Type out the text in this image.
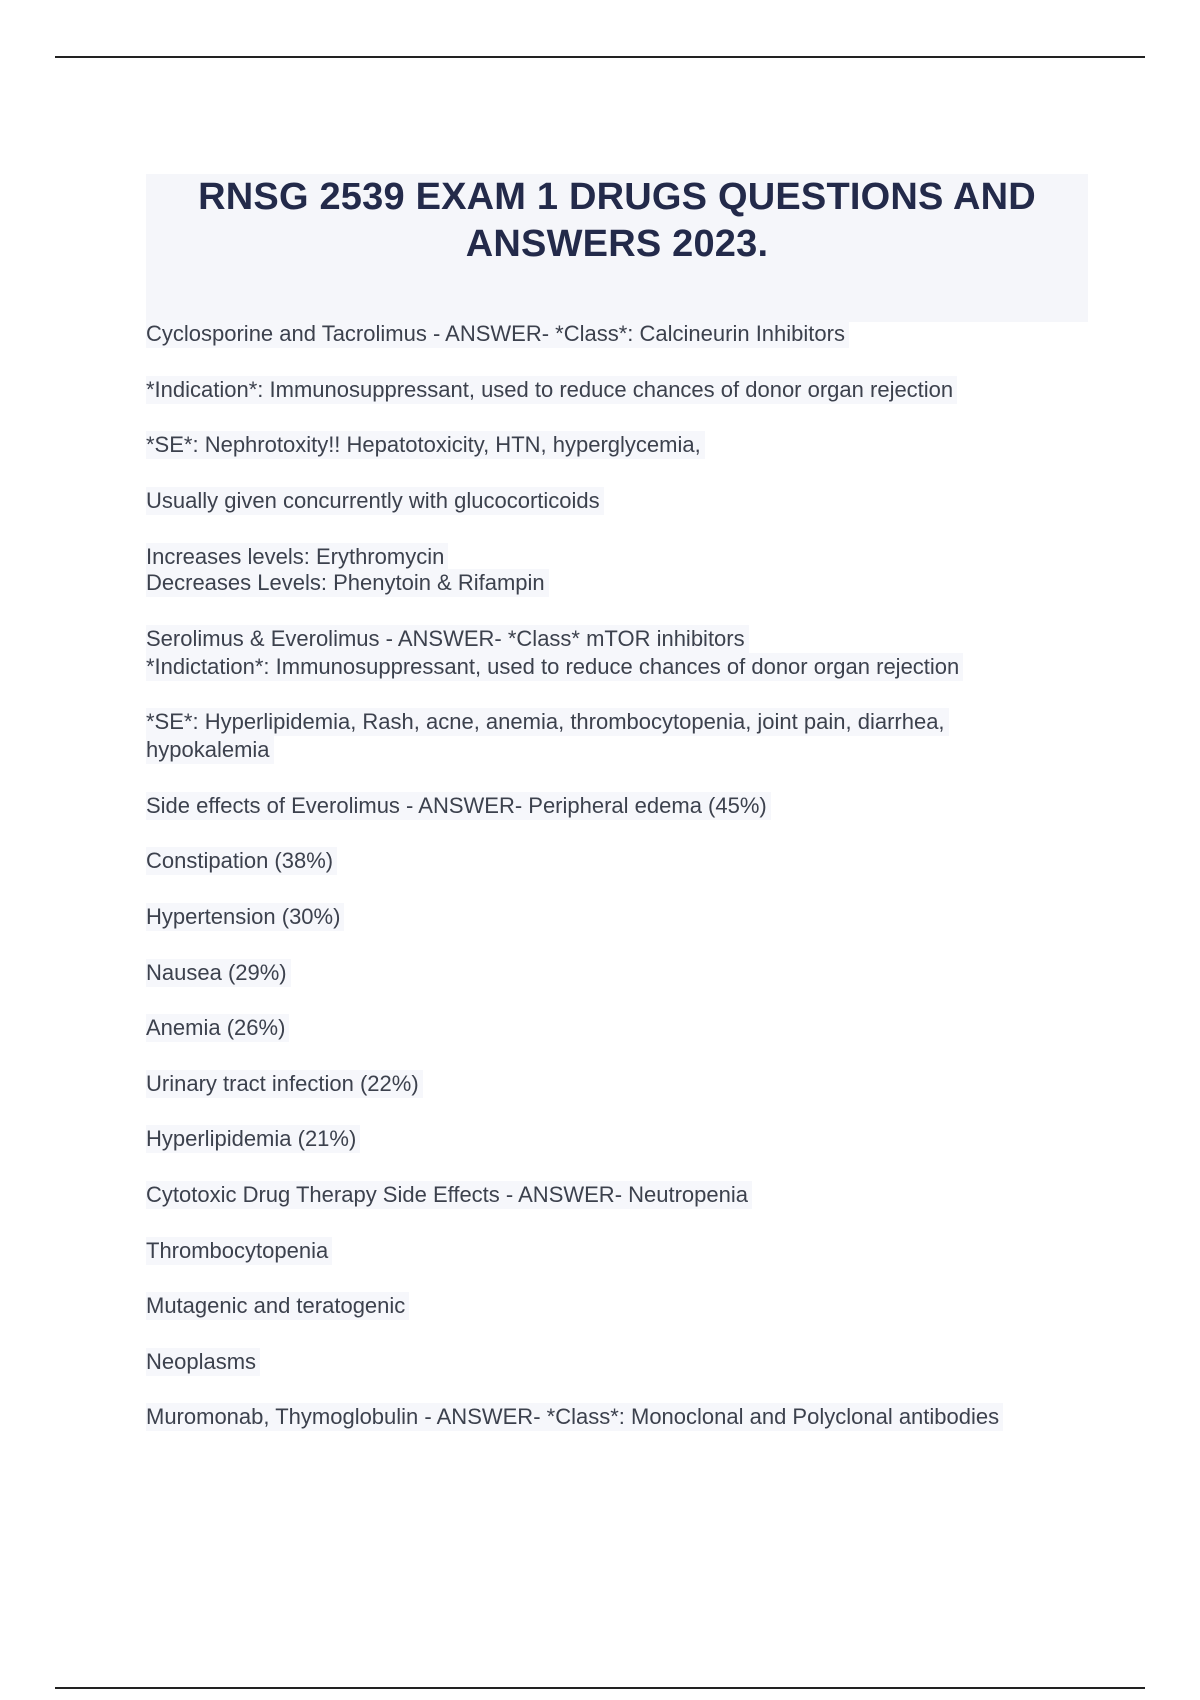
RNSG 2539 EXAM 1 DRUGS QUESTIONS AND ANSWERS 2023.
Cyclosporine and Tacrolimus - ANSWER- *Class*: Calcineurin Inhibitors
*Indication*: Immunosuppressant, used to reduce chances of donor organ rejection
*SE*: Nephrotoxity!! Hepatotoxicity, HTN, hyperglycemia,
Usually given concurrently with glucocorticoids
Increases levels: Erythromycin
Decreases Levels: Phenytoin & Rifampin
Serolimus & Everolimus - ANSWER- *Class* mTOR inhibitors
*Indictation*: Immunosuppressant, used to reduce chances of donor organ rejection
*SE*: Hyperlipidemia, Rash, acne, anemia, thrombocytopenia, joint pain, diarrhea,
hypokalemia
Side effects of Everolimus - ANSWER- Peripheral edema (45%)
Constipation (38%)
Hypertension (30%)
Nausea (29%)
Anemia (26%)
Urinary tract infection (22%)
Hyperlipidemia (21%)
Cytotoxic Drug Therapy Side Effects - ANSWER- Neutropenia
Thrombocytopenia
Mutagenic and teratogenic
Neoplasms
Muromonab, Thymoglobulin - ANSWER- *Class*: Monoclonal and Polyclonal antibodies
